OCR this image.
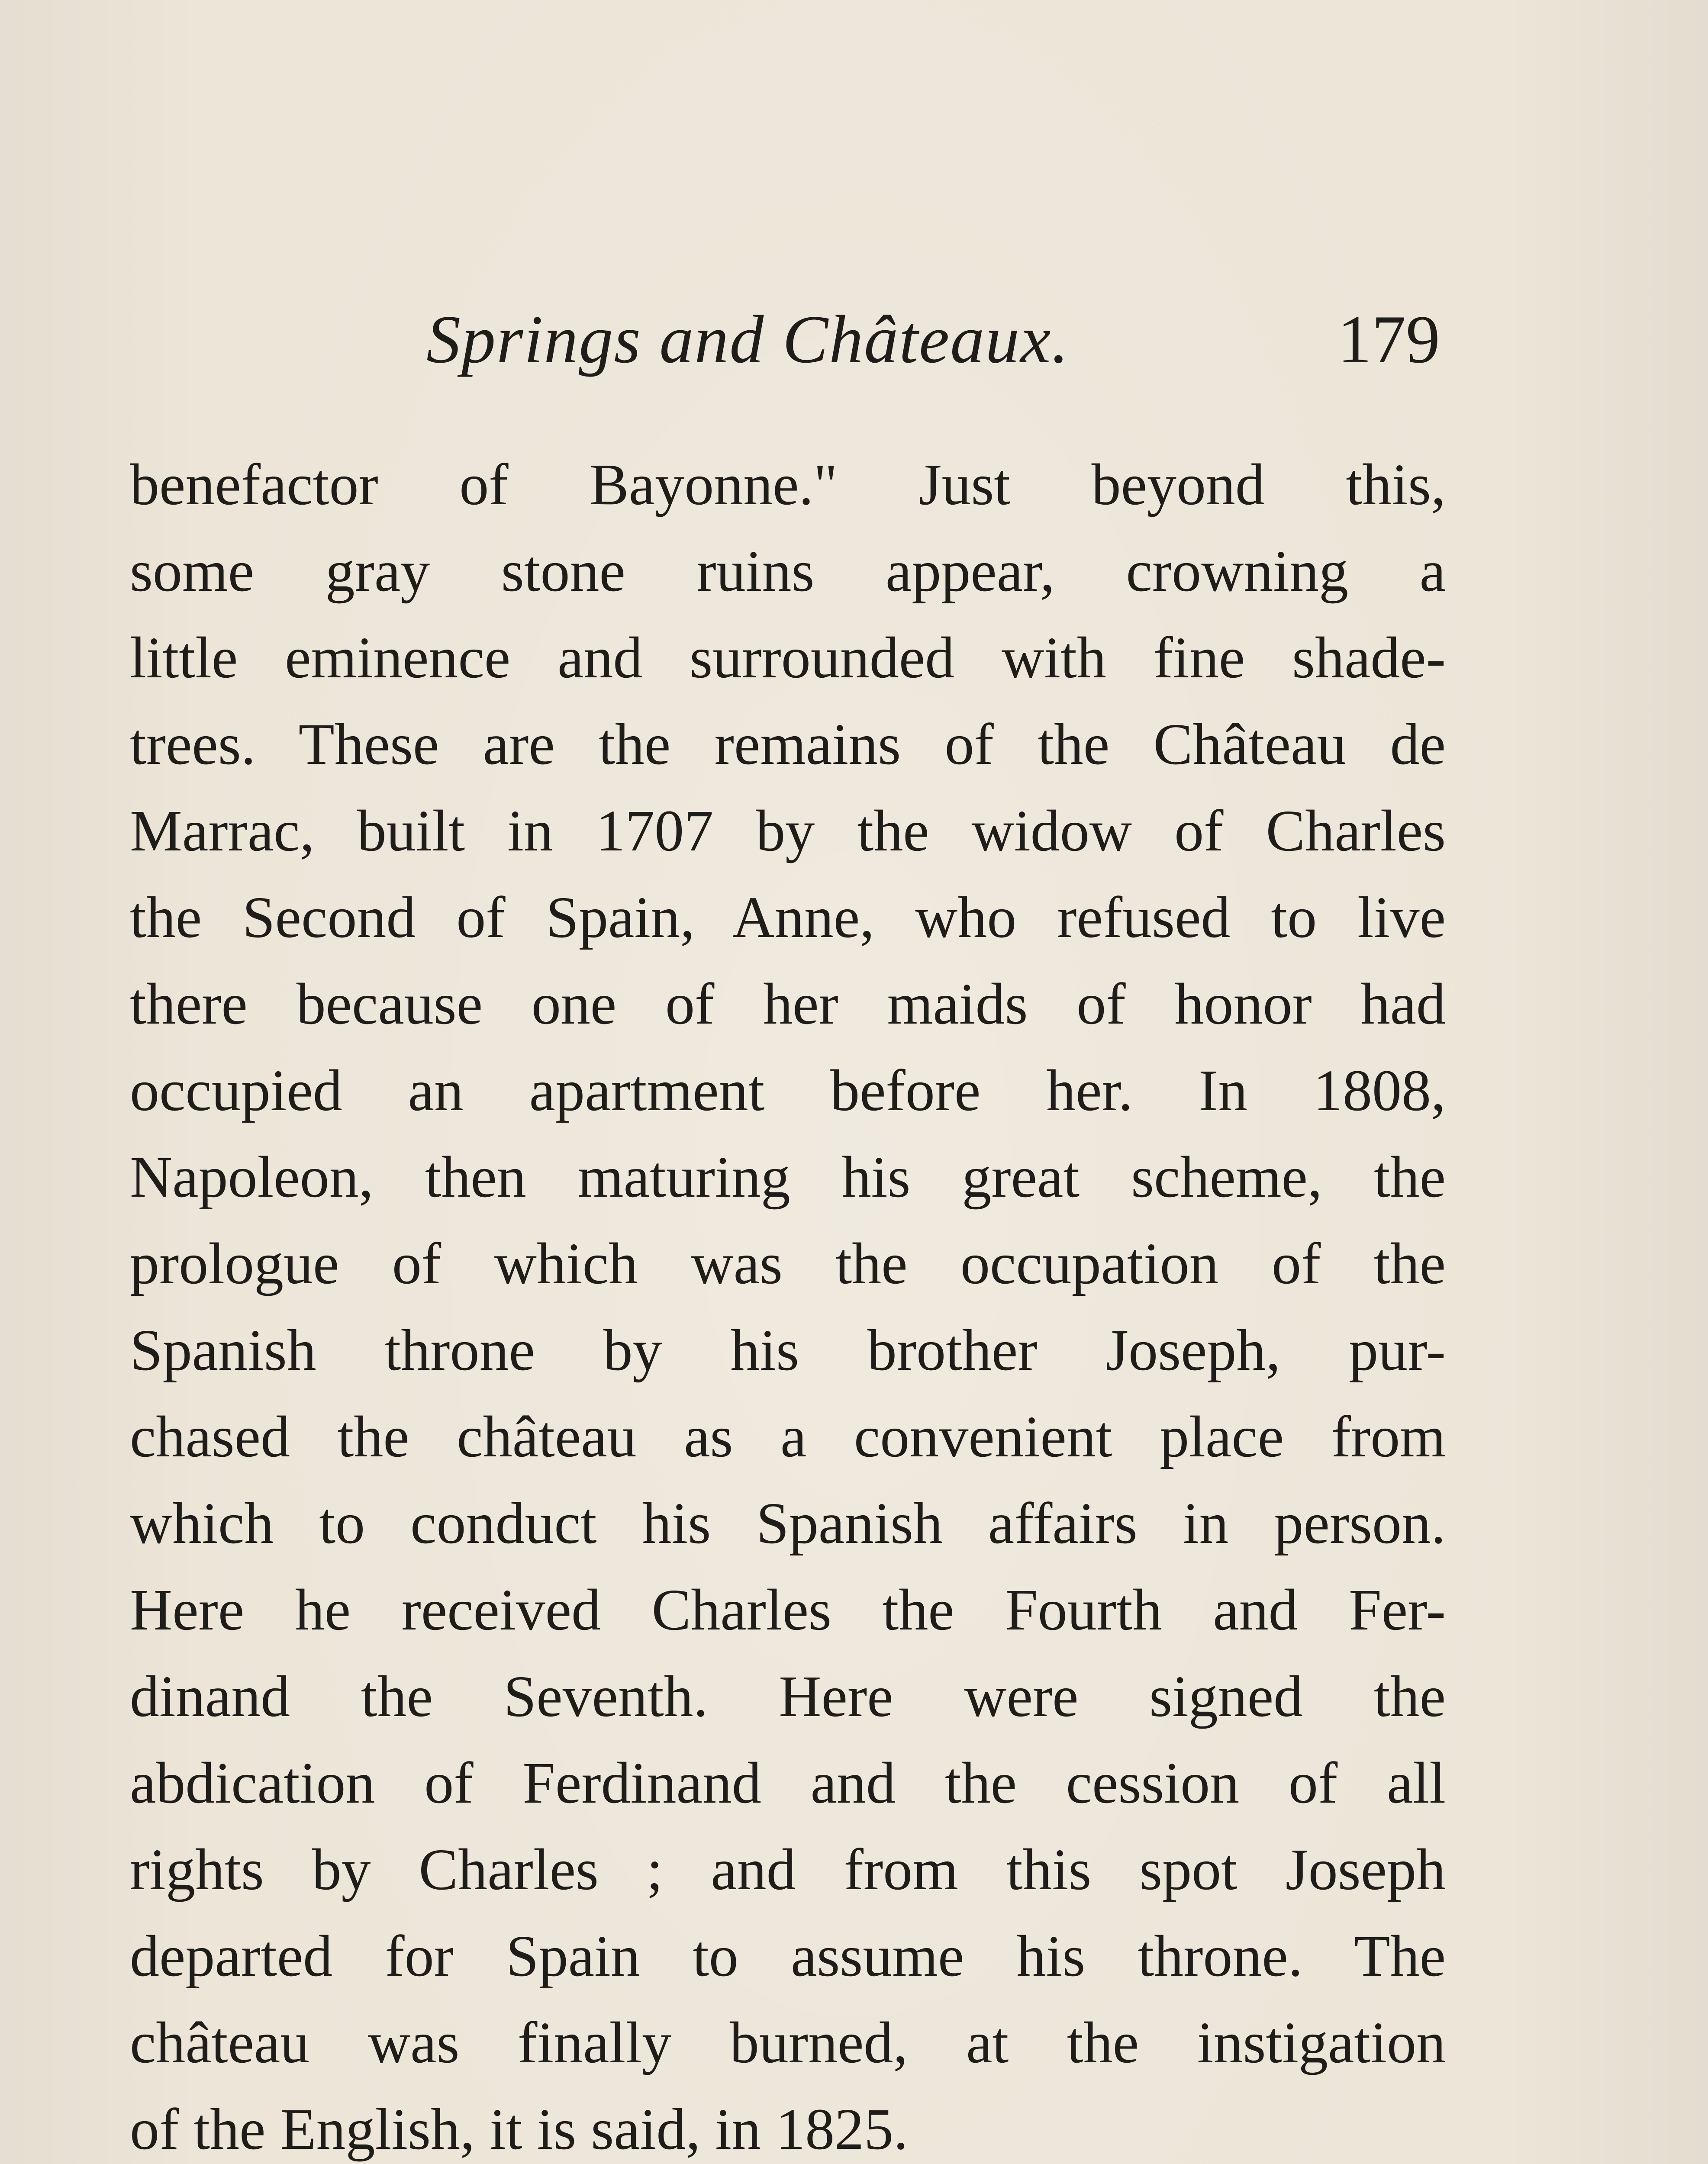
Springs and Châteaux.	179
benefactor of Bayonne." Just beyond this,
some gray stone ruins appear, crowning a
little eminence and surrounded with fine shade-
trees. These are the remains of the Château de
Marrac, built in 1707 by the widow of Charles
the Second of Spain, Anne, who refused to live
there because one of her maids of honor had
occupied an apartment before her. In 1808,
Napoleon, then maturing his great scheme, the
prologue of which was the occupation of the
Spanish throne by his brother Joseph, pur-
chased the château as a convenient place from
which to conduct his Spanish affairs in person.
Here he received Charles the Fourth and Fer-
dinand the Seventh. Here were signed the
abdication of Ferdinand and the cession of all
rights by Charles ; and from this spot Joseph
departed for Spain to assume his throne. The
château was finally burned, at the instigation
of the English, it is said, in 1825.
